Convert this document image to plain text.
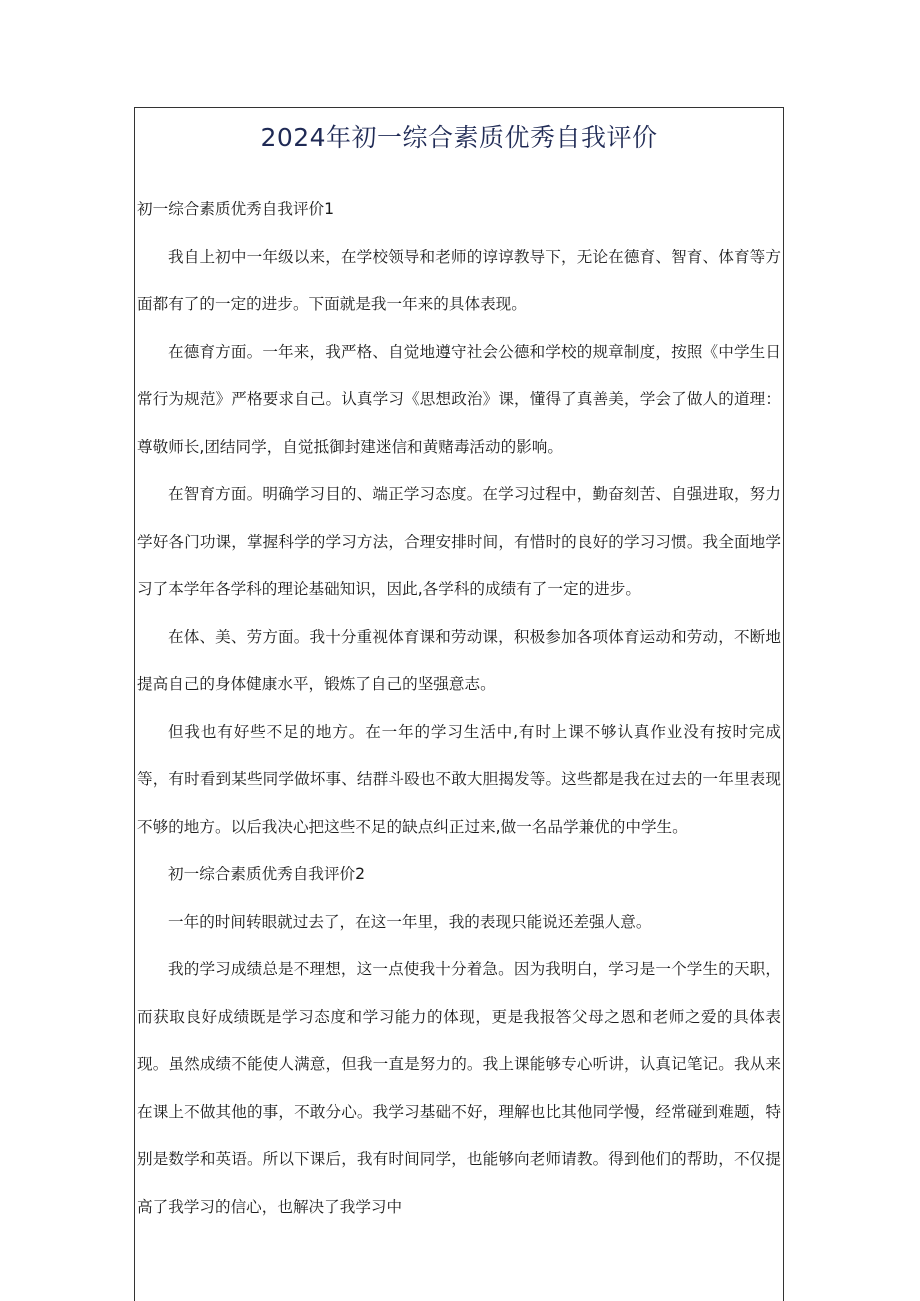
2024年初一综合素质优秀自我评价

初一综合素质优秀自我评价1

我自上初中一年级以来，在学校领导和老师的谆谆教导下，无论在德育、智育、体育等方面都有了的一定的进步。下面就是我一年来的具体表现。

在德育方面。一年来，我严格、自觉地遵守社会公德和学校的规章制度，按照《中学生日常行为规范》严格要求自己。认真学习《思想政治》课，懂得了真善美，学会了做人的道理：尊敬师长,团结同学，自觉抵御封建迷信和黄赌毒活动的影响。

在智育方面。明确学习目的、端正学习态度。在学习过程中，勤奋刻苦、自强进取，努力学好各门功课，掌握科学的学习方法，合理安排时间，有惜时的良好的学习习惯。我全面地学习了本学年各学科的理论基础知识，因此,各学科的成绩有了一定的进步。

在体、美、劳方面。我十分重视体育课和劳动课，积极参加各项体育运动和劳动，不断地提高自己的身体健康水平，锻炼了自己的坚强意志。

但我也有好些不足的地方。在一年的学习生活中,有时上课不够认真作业没有按时完成等，有时看到某些同学做坏事、结群斗殴也不敢大胆揭发等。这些都是我在过去的一年里表现不够的地方。以后我决心把这些不足的缺点纠正过来,做一名品学兼优的中学生。

初一综合素质优秀自我评价2

一年的时间转眼就过去了，在这一年里，我的表现只能说还差强人意。

我的学习成绩总是不理想，这一点使我十分着急。因为我明白，学习是一个学生的天职，而获取良好成绩既是学习态度和学习能力的体现，更是我报答父母之恩和老师之爱的具体表现。虽然成绩不能使人满意，但我一直是努力的。我上课能够专心听讲，认真记笔记。我从来在课上不做其他的事，不敢分心。我学习基础不好，理解也比其他同学慢，经常碰到难题，特别是数学和英语。所以下课后，我有时间同学，也能够向老师请教。得到他们的帮助，不仅提高了我学习的信心，也解决了我学习中
